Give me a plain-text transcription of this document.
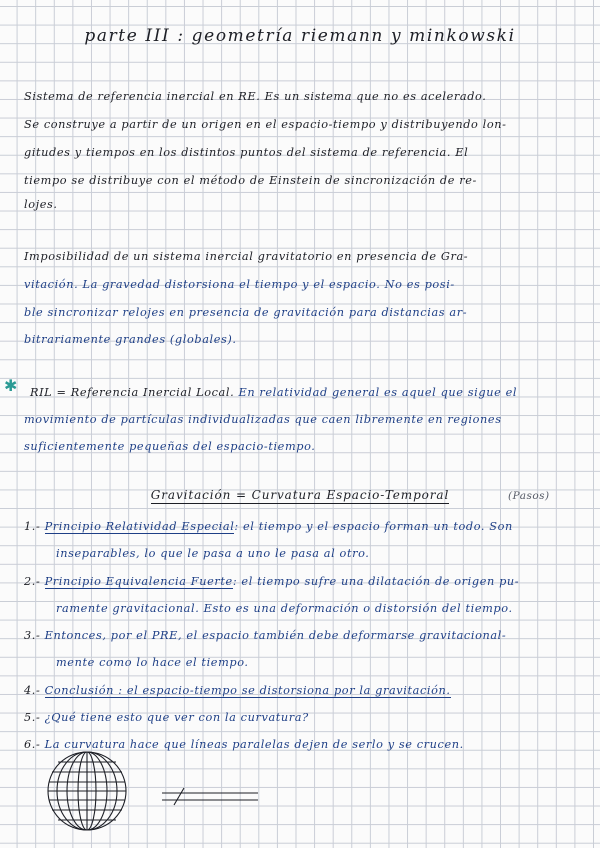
parte III : geometría riemann y minkowski
Sistema de referencia inercial en RE. Es un sistema que no es acelerado.
Se construye a partir de un origen en el espacio-tiempo y distribuyendo lon-
gitudes y tiempos en los distintos puntos del sistema de referencia. El
tiempo se distribuye con el método de Einstein de sincronización de re-
lojes.
Imposibilidad de un sistema inercial gravitatorio en presencia de Gra-
vitación. La gravedad distorsiona el tiempo y el espacio. No es posi-
ble sincronizar relojes en presencia de gravitación para distancias ar-
bitrariamente grandes (globales).
✱ RIL = Referencia Inercial Local. En relatividad general es aquel que sigue el
movimiento de partículas individualizadas que caen libremente en regiones
suficientemente pequeñas del espacio-tiempo.
Gravitación = Curvatura Espacio-Temporal	(Pasos)
1.- Principio Relatividad Especial: el tiempo y el espacio forman un todo. Son
inseparables, lo que le pasa a uno le pasa al otro.
2.- Principio Equivalencia Fuerte: el tiempo sufre una dilatación de origen pu-
ramente gravitacional. Esto es una deformación o distorsión del tiempo.
3.- Entonces, por el PRE, el espacio también debe deformarse gravitacional-
mente como lo hace el tiempo.
4.- Conclusión : el espacio-tiempo se distorsiona por la gravitación.
5.- ¿Qué tiene esto que ver con la curvatura?
6.- La curvatura hace que líneas paralelas dejen de serlo y se crucen.
